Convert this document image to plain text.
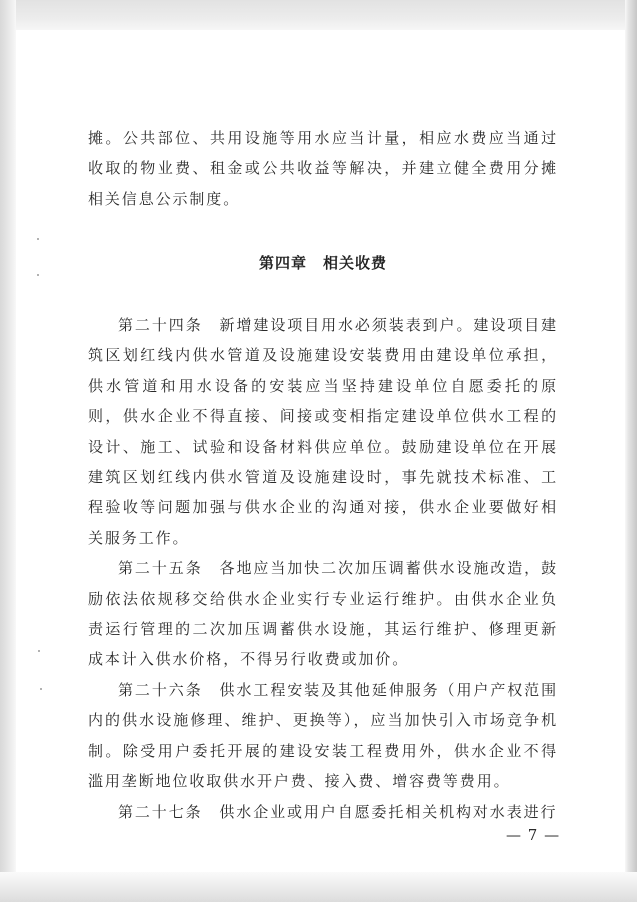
摊。公共部位、共用设施等用水应当计量，相应水费应当通过收取的物业费、租金或公共收益等解决，并建立健全费用分摊相关信息公示制度。

第四章 相关收费

第二十四条　新增建设项目用水必须装表到户。建设项目建筑区划红线内供水管道及设施建设安装费用由建设单位承担，供水管道和用水设备的安装应当坚持建设单位自愿委托的原则，供水企业不得直接、间接或变相指定建设单位供水工程的设计、施工、试验和设备材料供应单位。鼓励建设单位在开展建筑区划红线内供水管道及设施建设时，事先就技术标准、工程验收等问题加强与供水企业的沟通对接，供水企业要做好相关服务工作。

第二十五条　各地应当加快二次加压调蓄供水设施改造，鼓励依法依规移交给供水企业实行专业运行维护。由供水企业负责运行管理的二次加压调蓄供水设施，其运行维护、修理更新成本计入供水价格，不得另行收费或加价。

第二十六条　供水工程安装及其他延伸服务（用户产权范围内的供水设施修理、维护、更换等），应当加快引入市场竞争机制。除受用户委托开展的建设安装工程费用外，供水企业不得滥用垄断地位收取供水开户费、接入费、增容费等费用。

第二十七条　供水企业或用户自愿委托相关机构对水表进行

— 7 —
